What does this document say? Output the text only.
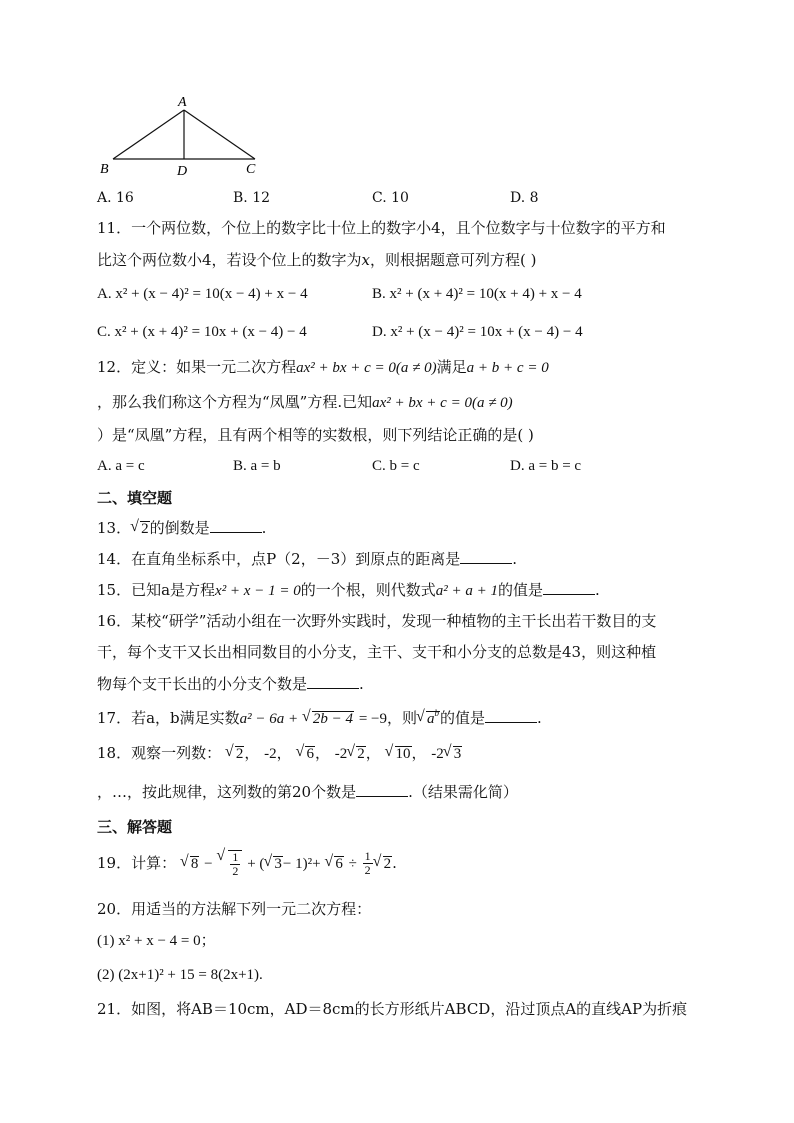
A
B	D	C
A. 16	B. 12	C. 10	D. 8
11．一个两位数，个位上的数字比十位上的数字小4，且个位数字与十位数字的平方和
比这个两位数小4，若设个位上的数字为x，则根据题意可列方程( )
A. x² + (x − 4)² = 10(x − 4) + x − 4	B. x² + (x + 4)² = 10(x + 4) + x − 4
C. x² + (x + 4)² = 10x + (x − 4) − 4	D. x² + (x − 4)² = 10x + (x − 4) − 4
12．定义：如果一元二次方程ax² + bx + c = 0(a ≠ 0)满足a + b + c = 0
，那么我们称这个方程为“凤凰”方程.已知ax² + bx + c = 0(a ≠ 0)
）是“凤凰”方程，且有两个相等的实数根，则下列结论正确的是( )
A. a = c	B. a = b	C. b = c	D. a = b = c
二、填空题
13． √ 2的倒数是	.
14．在直角坐标系中，点P（2，－3）到原点的距离是	.
15．已知a是方程x² + x − 1 = 0的一个根，则代数式a² + a + 1的值是	.
16．某校“研学”活动小组在一次野外实践时，发现一种植物的主干长出若干数目的支
干，每个支干又长出相同数目的小分支，主干、支干和小分支的总数是43，则这种植
物每个支干长出的小分支个数是	.
17．若a，b满足实数a² − 6a + √ 2b − 4 = −9，则 √ $a^b$的值是	.
18．观察一列数： √ 2， -2， √ 6， -2 √ 2， √ 10， -2 √ 3
，…，按此规律，这列数的第20个数是	.（结果需化简）
三、解答题
19．计算： √ 8 − √ $\frac{1}{2}$ + ( √ 3− 1)²+ √ $6 \div \frac{1}{2}$ √ 2.
20．用适当的方法解下列一元二次方程：
(1) x² + x − 4 = 0；
(2) (2x+1)² + 15 = 8(2x+1).
21．如图，将AB＝10cm，AD＝8cm的长方形纸片ABCD，沿过顶点A的直线AP为折痕
